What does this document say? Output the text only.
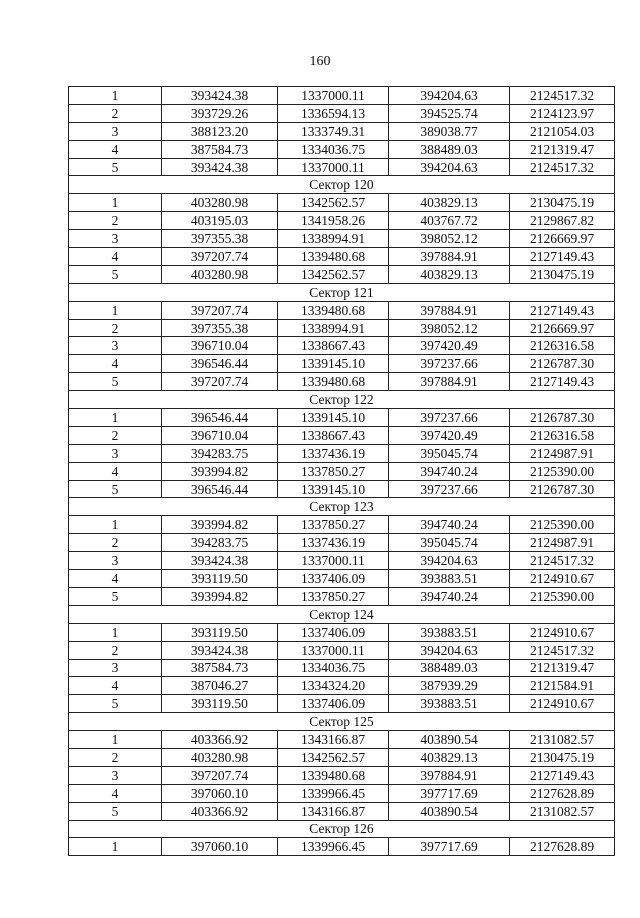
160
1	393424.38	1337000.11	394204.63	2124517.32
2	393729.26	1336594.13	394525.74	2124123.97
3	388123.20	1333749.31	389038.77	2121054.03
4	387584.73	1334036.75	388489.03	2121319.47
5	393424.38	1337000.11	394204.63	2124517.32
Сектор 120				
1	403280.98	1342562.57	403829.13	2130475.19
2	403195.03	1341958.26	403767.72	2129867.82
3	397355.38	1338994.91	398052.12	2126669.97
4	397207.74	1339480.68	397884.91	2127149.43
5	403280.98	1342562.57	403829.13	2130475.19
Сектор 121				
1	397207.74	1339480.68	397884.91	2127149.43
2	397355.38	1338994.91	398052.12	2126669.97
3	396710.04	1338667.43	397420.49	2126316.58
4	396546.44	1339145.10	397237.66	2126787.30
5	397207.74	1339480.68	397884.91	2127149.43
Сектор 122				
1	396546.44	1339145.10	397237.66	2126787.30
2	396710.04	1338667.43	397420.49	2126316.58
3	394283.75	1337436.19	395045.74	2124987.91
4	393994.82	1337850.27	394740.24	2125390.00
5	396546.44	1339145.10	397237.66	2126787.30
Сектор 123				
1	393994.82	1337850.27	394740.24	2125390.00
2	394283.75	1337436.19	395045.74	2124987.91
3	393424.38	1337000.11	394204.63	2124517.32
4	393119.50	1337406.09	393883.51	2124910.67
5	393994.82	1337850.27	394740.24	2125390.00
Сектор 124				
1	393119.50	1337406.09	393883.51	2124910.67
2	393424.38	1337000.11	394204.63	2124517.32
3	387584.73	1334036.75	388489.03	2121319.47
4	387046.27	1334324.20	387939.29	2121584.91
5	393119.50	1337406.09	393883.51	2124910.67
Сектор 125				
1	403366.92	1343166.87	403890.54	2131082.57
2	403280.98	1342562.57	403829.13	2130475.19
3	397207.74	1339480.68	397884.91	2127149.43
4	397060.10	1339966.45	397717.69	2127628.89
5	403366.92	1343166.87	403890.54	2131082.57
Сектор 126				
1	397060.10	1339966.45	397717.69	2127628.89
